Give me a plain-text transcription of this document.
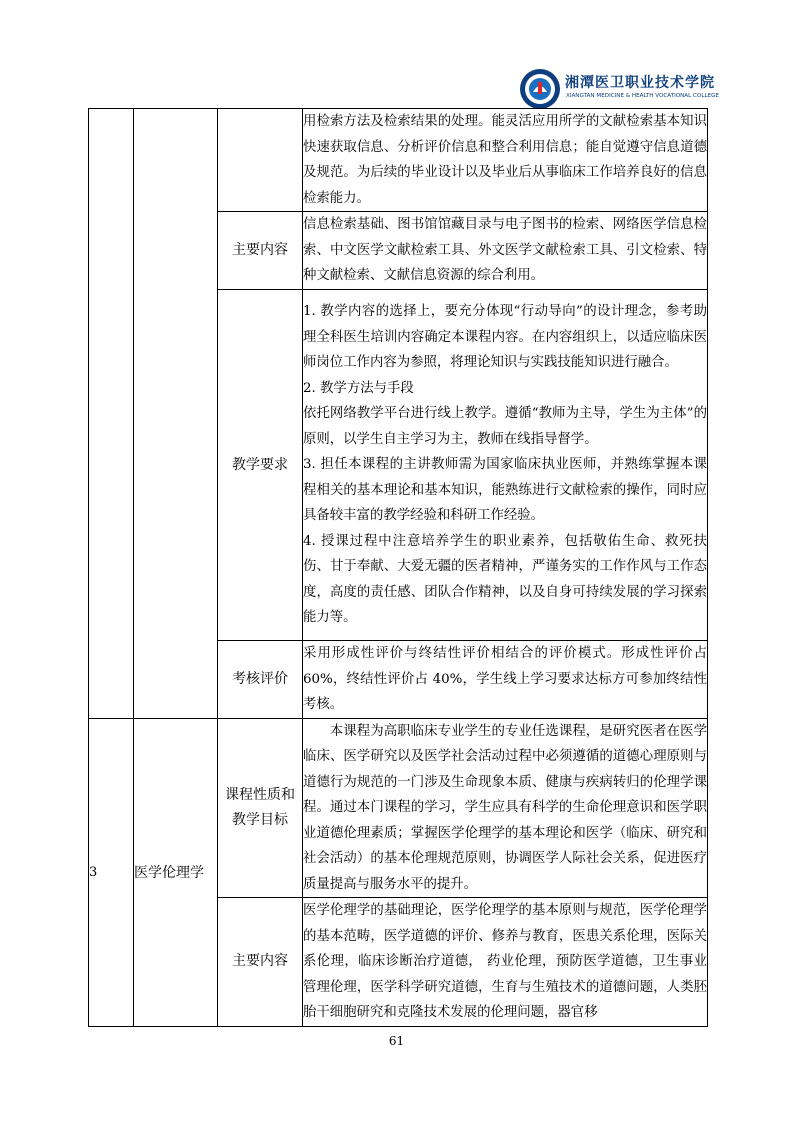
湘潭医卫职业技术学院
XIANGTAN MEDICINE & HEALTH VOCATIONAL COLLEGE

			用检索方法及检索结果的处理。能灵活应用所学的文献检索基本知识快速获取信息、分析评价信息和整合利用信息；能自觉遵守信息道德及规范。为后续的毕业设计以及毕业后从事临床工作培养良好的信息检索能力。

		主要内容	信息检索基础、图书馆馆藏目录与电子图书的检索、网络医学信息检索、中文医学文献检索工具、外文医学文献检索工具、引文检索、特种文献检索、文献信息资源的综合利用。

		教学要求	1. 教学内容的选择上，要充分体现“行动导向”的设计理念，参考助理全科医生培训内容确定本课程内容。在内容组织上，以适应临床医师岗位工作内容为参照，将理论知识与实践技能知识进行融合。

2. 教学方法与手段

依托网络教学平台进行线上教学。遵循“教师为主导，学生为主体”的原则，以学生自主学习为主，教师在线指导督学。

3. 担任本课程的主讲教师需为国家临床执业医师，并熟练掌握本课程相关的基本理论和基本知识，能熟练进行文献检索的操作，同时应具备较丰富的教学经验和科研工作经验。

4. 授课过程中注意培养学生的职业素养，包括敬佑生命、救死扶伤、甘于奉献、大爱无疆的医者精神，严谨务实的工作作风与工作态度，高度的责任感、团队合作精神，以及自身可持续发展的学习探索能力等。

		考核评价	采用形成性评价与终结性评价相结合的评价模式。形成性评价占60%，终结性评价占 40%，学生线上学习要求达标方可参加终结性考核。

3	医学伦理学	课程性质和
教学目标	本课程为高职临床专业学生的专业任选课程，是研究医者在医学临床、医学研究以及医学社会活动过程中必须遵循的道德心理原则与道德行为规范的一门涉及生命现象本质、健康与疾病转归的伦理学课程。通过本门课程的学习，学生应具有科学的生命伦理意识和医学职业道德伦理素质；掌握医学伦理学的基本理论和医学（临床、研究和社会活动）的基本伦理规范原则，协调医学人际社会关系，促进医疗质量提高与服务水平的提升。

		主要内容	医学伦理学的基础理论，医学伦理学的基本原则与规范，医学伦理学的基本范畴，医学道德的评价、修养与教育，医患关系伦理，医际关系伦理，临床诊断治疗道德， 药业伦理，预防医学道德，卫生事业管理伦理，医学科学研究道德，生育与生殖技术的道德问题，人类胚胎干细胞研究和克隆技术发展的伦理问题，器官移

61
